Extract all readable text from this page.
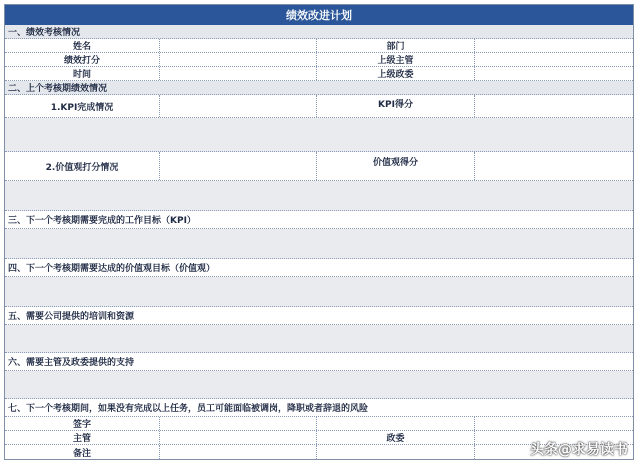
绩效改进计划
一、绩效考核情况
姓名	部门
绩效打分	上级主管
时间	上级政委
二、上个考核期绩效情况
1.KPI完成情况	KPI得分
2.价值观打分情况	价值观得分
三、下一个考核期需要完成的工作目标（KPI）
四、下一个考核期需要达成的价值观目标（价值观）
五、需要公司提供的培训和资源
六、需要主管及政委提供的支持
七、下一个考核期间，如果没有完成以上任务，员工可能面临被调岗，降职或者辞退的风险
签字
主管	政委
备注	头条@求易读书
